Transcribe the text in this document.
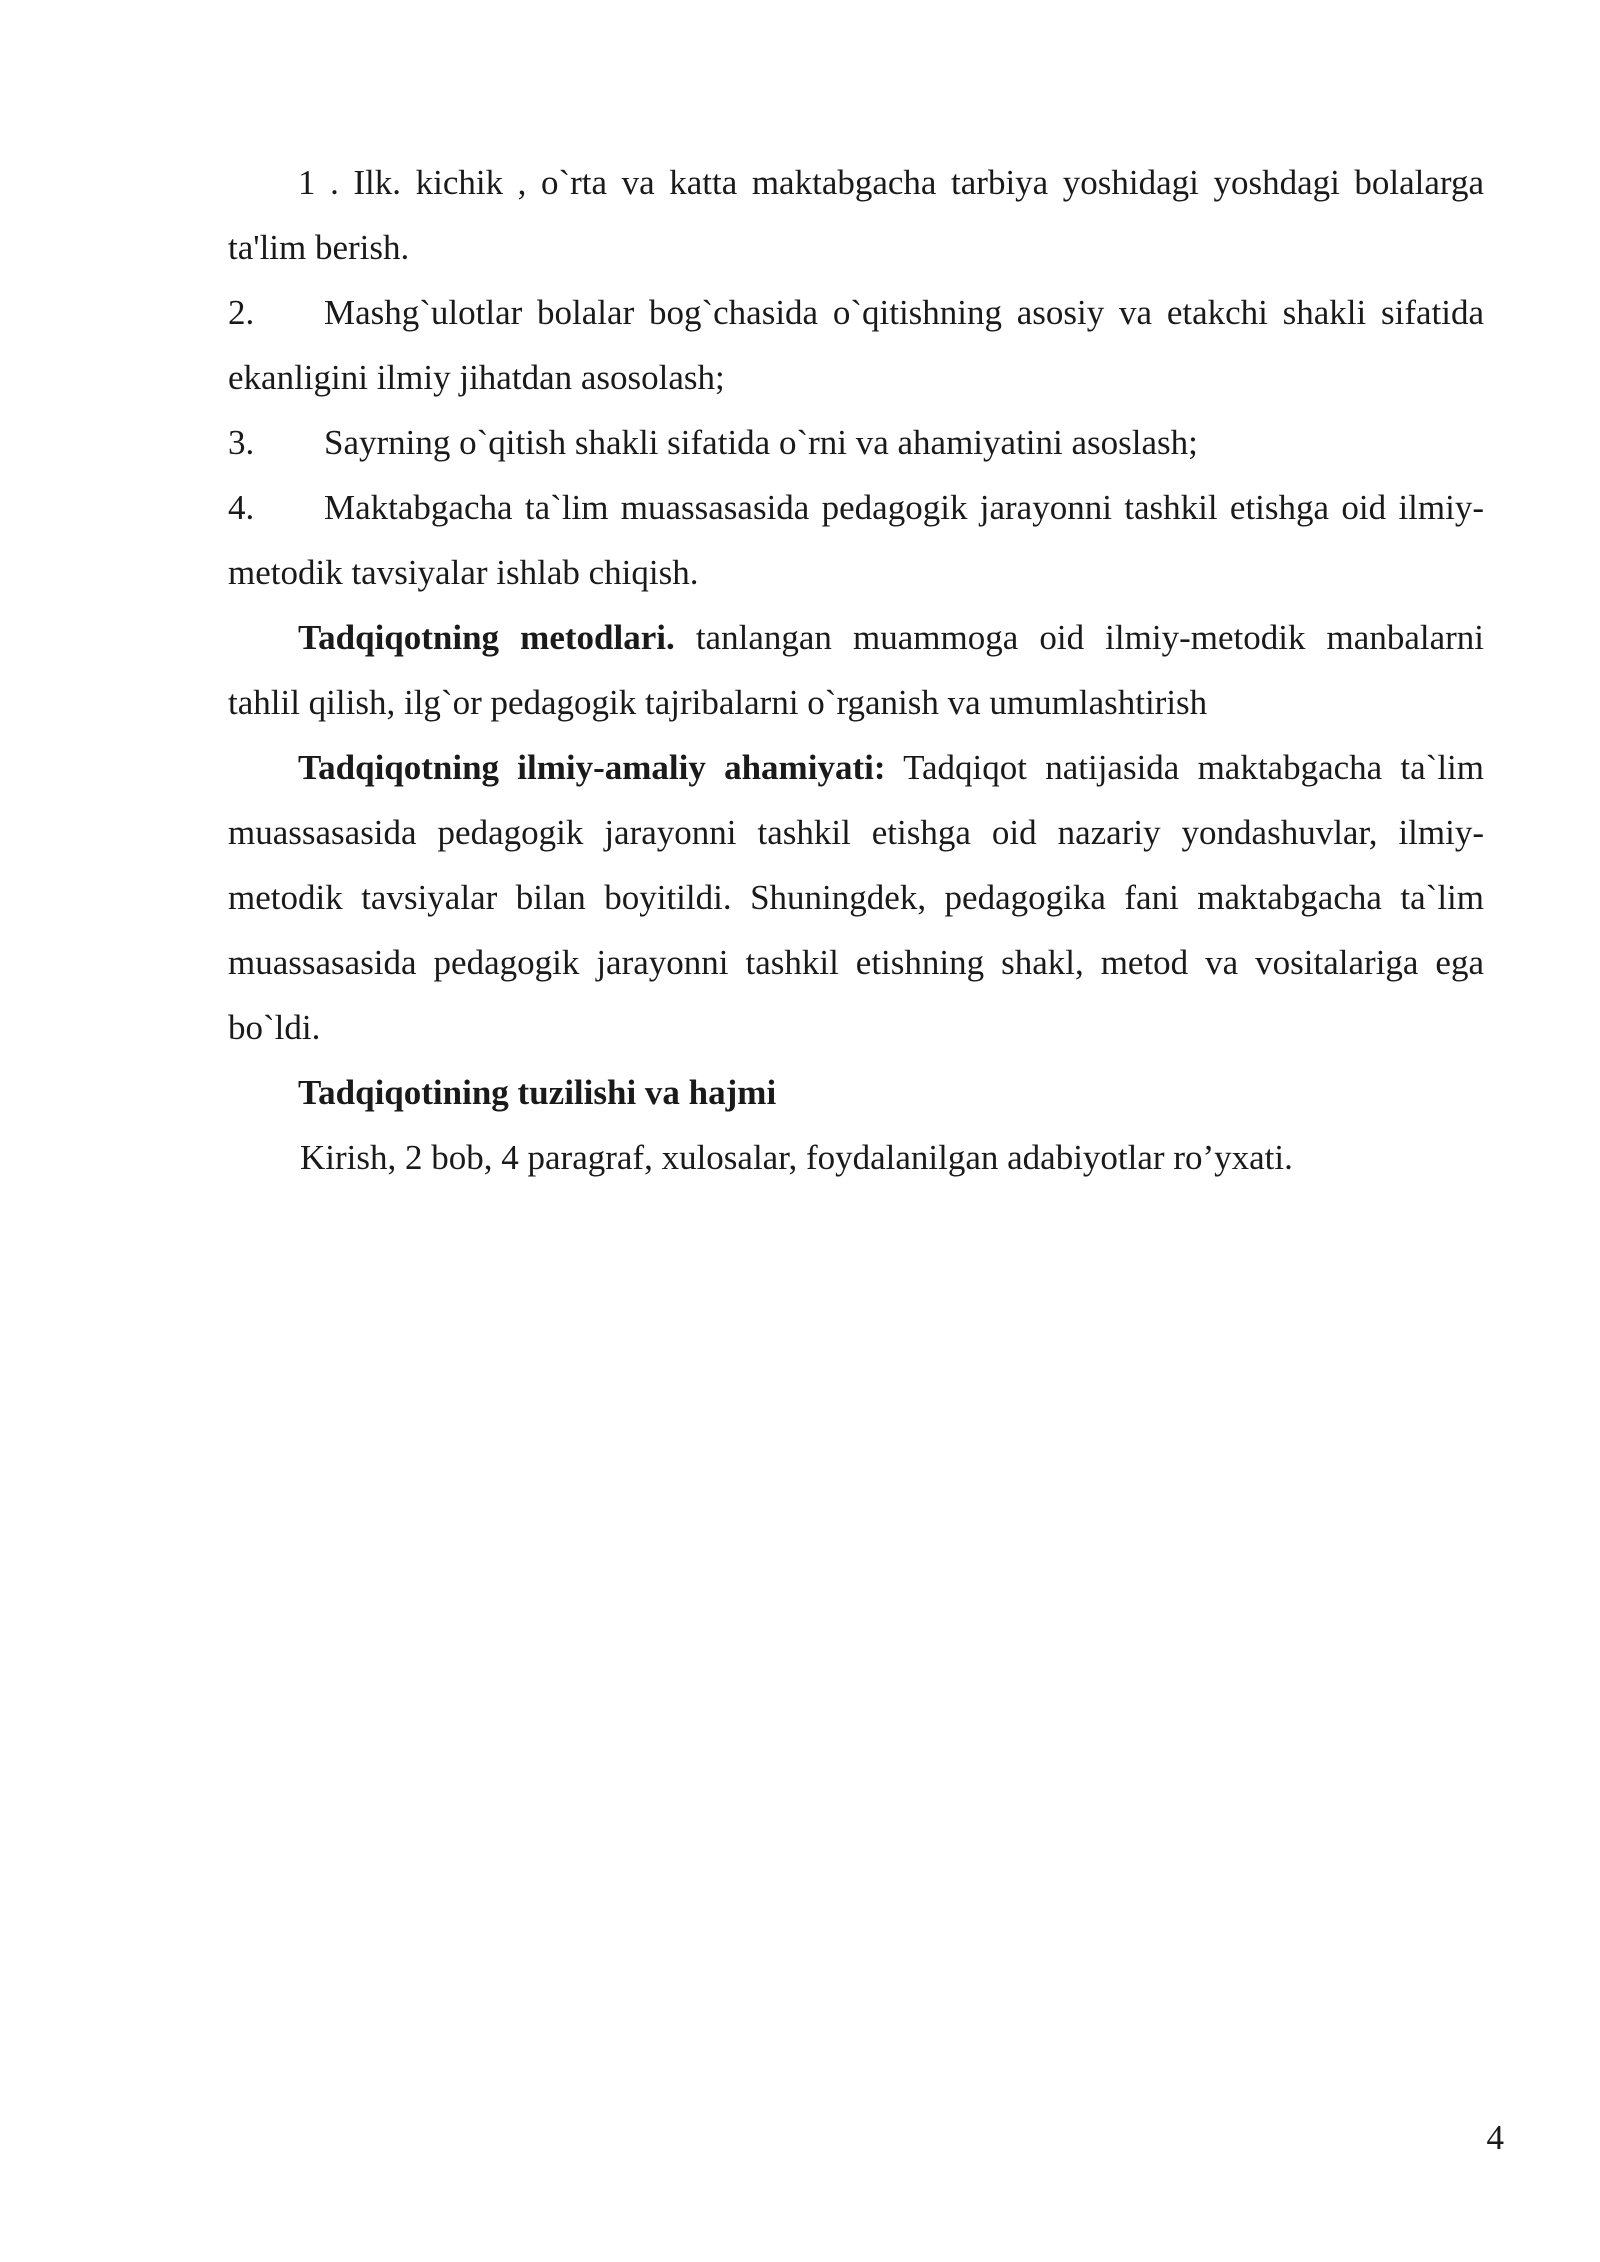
1 . Ilk. kichik , o`rta va katta maktabgacha tarbiya yoshidagi yoshdagi bolalarga ta'lim berish.

2. Mashg`ulotlar bolalar bog`chasida o`qitishning asosiy va etakchi shakli sifatida ekanligini ilmiy jihatdan asosolash;

3. Sayrning o`qitish shakli sifatida o`rni va ahamiyatini asoslash;

4. Maktabgacha ta`lim muassasasida pedagogik jarayonni tashkil etishga oid ilmiy-metodik tavsiyalar ishlab chiqish.

Tadqiqotning metodlari. tanlangan muammoga oid ilmiy-metodik manbalarni tahlil qilish, ilg`or pedagogik tajribalarni o`rganish va umumlashtirish

Tadqiqotning ilmiy-amaliy ahamiyati: Tadqiqot natijasida maktabgacha ta`lim muassasasida pedagogik jarayonni tashkil etishga oid nazariy yondashuvlar, ilmiy-metodik tavsiyalar bilan boyitildi. Shuningdek, pedagogika fani maktabgacha ta`lim muassasasida pedagogik jarayonni tashkil etishning shakl, metod va vositalariga ega bo`ldi.

Tadqiqotining tuzilishi va hajmi

Kirish, 2 bob, 4 paragraf, xulosalar, foydalanilgan adabiyotlar ro’yxati.

4
